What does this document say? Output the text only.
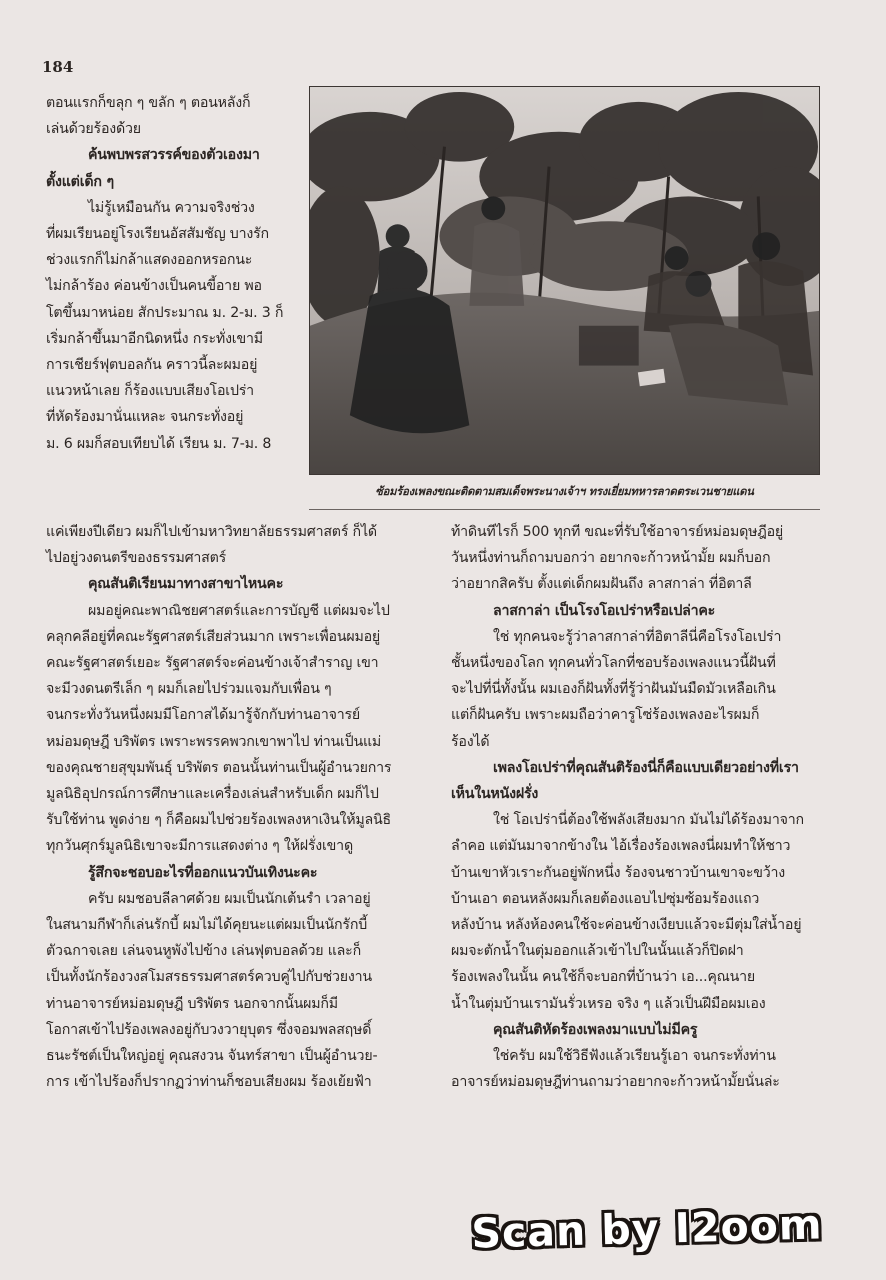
184

ตอนแรกก็ขลุก ๆ ขลัก ๆ ตอนหลังก็
เล่นด้วยร้องด้วย

ค้นพบพรสวรรค์ของตัวเองมา
ตั้งแต่เด็ก ๆ

ไม่รู้เหมือนกัน ความจริงช่วง
ที่ผมเรียนอยู่โรงเรียนอัสสัมชัญ บางรัก
ช่วงแรกก็ไม่กล้าแสดงออกหรอกนะ
ไม่กล้าร้อง ค่อนข้างเป็นคนขี้อาย พอ
โตขึ้นมาหน่อย สักประมาณ ม. 2-ม. 3 ก็
เริ่มกล้าขึ้นมาอีกนิดหนึ่ง กระทั่งเขามี
การเชียร์ฟุตบอลกัน คราวนี้ละผมอยู่
แนวหน้าเลย ก็ร้องแบบเสียงโอเปร่า
ที่หัดร้องมานั่นแหละ จนกระทั่งอยู่
ม. 6 ผมก็สอบเทียบได้ เรียน ม. 7-ม. 8

ซ้อมร้องเพลงขณะติดตามสมเด็จพระนางเจ้าฯ ทรงเยี่ยมทหารลาดตระเวนชายแดน

แค่เพียงปีเดียว ผมก็ไปเข้ามหาวิทยาลัยธรรมศาสตร์ ก็ได้
ไปอยู่วงดนตรีของธรรมศาสตร์

คุณสันติเรียนมาทางสาขาไหนคะ

ผมอยู่คณะพาณิชยศาสตร์และการบัญชี แต่ผมจะไป
คลุกคลีอยู่ที่คณะรัฐศาสตร์เสียส่วนมาก เพราะเพื่อนผมอยู่
คณะรัฐศาสตร์เยอะ รัฐศาสตร์จะค่อนข้างเจ้าสำราญ เขา
จะมีวงดนตรีเล็ก ๆ ผมก็เลยไปร่วมแจมกับเพื่อน ๆ
จนกระทั่งวันหนึ่งผมมีโอกาสได้มารู้จักกับท่านอาจารย์
หม่อมดุษฎี บริพัตร เพราะพรรคพวกเขาพาไป ท่านเป็นแม่
ของคุณชายสุขุมพันธุ์ บริพัตร ตอนนั้นท่านเป็นผู้อำนวยการ
มูลนิธิอุปกรณ์การศึกษาและเครื่องเล่นสำหรับเด็ก ผมก็ไป
รับใช้ท่าน พูดง่าย ๆ ก็คือผมไปช่วยร้องเพลงหาเงินให้มูลนิธิ
ทุกวันศุกร์มูลนิธิเขาจะมีการแสดงต่าง ๆ ให้ฝรั่งเขาดู

รู้สึกจะชอบอะไรที่ออกแนวบันเทิงนะคะ

ครับ ผมชอบลีลาศด้วย ผมเป็นนักเต้นรำ เวลาอยู่
ในสนามกีฬาก็เล่นรักบี้ ผมไม่ได้คุยนะแต่ผมเป็นนักรักบี้
ตัวฉกาจเลย เล่นจนหูพังไปข้าง เล่นฟุตบอลด้วย และก็
เป็นทั้งนักร้องวงสโมสรธรรมศาสตร์ควบคู่ไปกับช่วยงาน
ท่านอาจารย์หม่อมดุษฎี บริพัตร นอกจากนั้นผมก็มี
โอกาสเข้าไปร้องเพลงอยู่กับวงวายุบุตร ซึ่งจอมพลสฤษดิ์
ธนะรัชต์เป็นใหญ่อยู่ คุณสงวน จันทร์สาขา เป็นผู้อำนวย-
การ เข้าไปร้องก็ปรากฏว่าท่านก็ชอบเสียงผม ร้องเย้ยฟ้า

ท้าดินทีไรก็ 500 ทุกที ขณะที่รับใช้อาจารย์หม่อมดุษฎีอยู่
วันหนึ่งท่านก็ถามบอกว่า อยากจะก้าวหน้ามั้ย ผมก็บอก
ว่าอยากสิครับ ตั้งแต่เด็กผมฝันถึง ลาสกาล่า ที่อิตาลี

ลาสกาล่า เป็นโรงโอเปร่าหรือเปล่าคะ

ใช่ ทุกคนจะรู้ว่าลาสกาล่าที่อิตาลีนี่คือโรงโอเปร่า
ชั้นหนึ่งของโลก ทุกคนทั่วโลกที่ชอบร้องเพลงแนวนี้ฝันที่
จะไปที่นี่ทั้งนั้น ผมเองก็ฝันทั้งที่รู้ว่าฝันมันมืดมัวเหลือเกิน
แต่ก็ฝันครับ เพราะผมถือว่าคารูโซ่ร้องเพลงอะไรผมก็
ร้องได้

เพลงโอเปร่าที่คุณสันติร้องนี่ก็คือแบบเดียวอย่างที่เรา
เห็นในหนังฝรั่ง

ใช่ โอเปร่านี่ต้องใช้พลังเสียงมาก มันไม่ได้ร้องมาจาก
ลำคอ แต่มันมาจากข้างใน ไอ้เรื่องร้องเพลงนี่ผมทำให้ชาว
บ้านเขาหัวเราะกันอยู่พักหนึ่ง ร้องจนชาวบ้านเขาจะขว้าง
บ้านเอา ตอนหลังผมก็เลยต้องแอบไปซุ่มซ้อมร้องแถว
หลังบ้าน หลังห้องคนใช้จะค่อนข้างเงียบแล้วจะมีตุ่มใส่น้ำอยู่
ผมจะตักน้ำในตุ่มออกแล้วเข้าไปในนั้นแล้วก็ปิดฝา
ร้องเพลงในนั้น คนใช้ก็จะบอกที่บ้านว่า เอ...คุณนาย
น้ำในตุ่มบ้านเรามันรั่วเหรอ จริง ๆ แล้วเป็นฝีมือผมเอง

คุณสันติหัดร้องเพลงมาแบบไม่มีครู

ใช่ครับ ผมใช้วิธีฟังแล้วเรียนรู้เอา จนกระทั่งท่าน
อาจารย์หม่อมดุษฎีท่านถามว่าอยากจะก้าวหน้ามั้ยนั่นล่ะ

Scan by I2oom
